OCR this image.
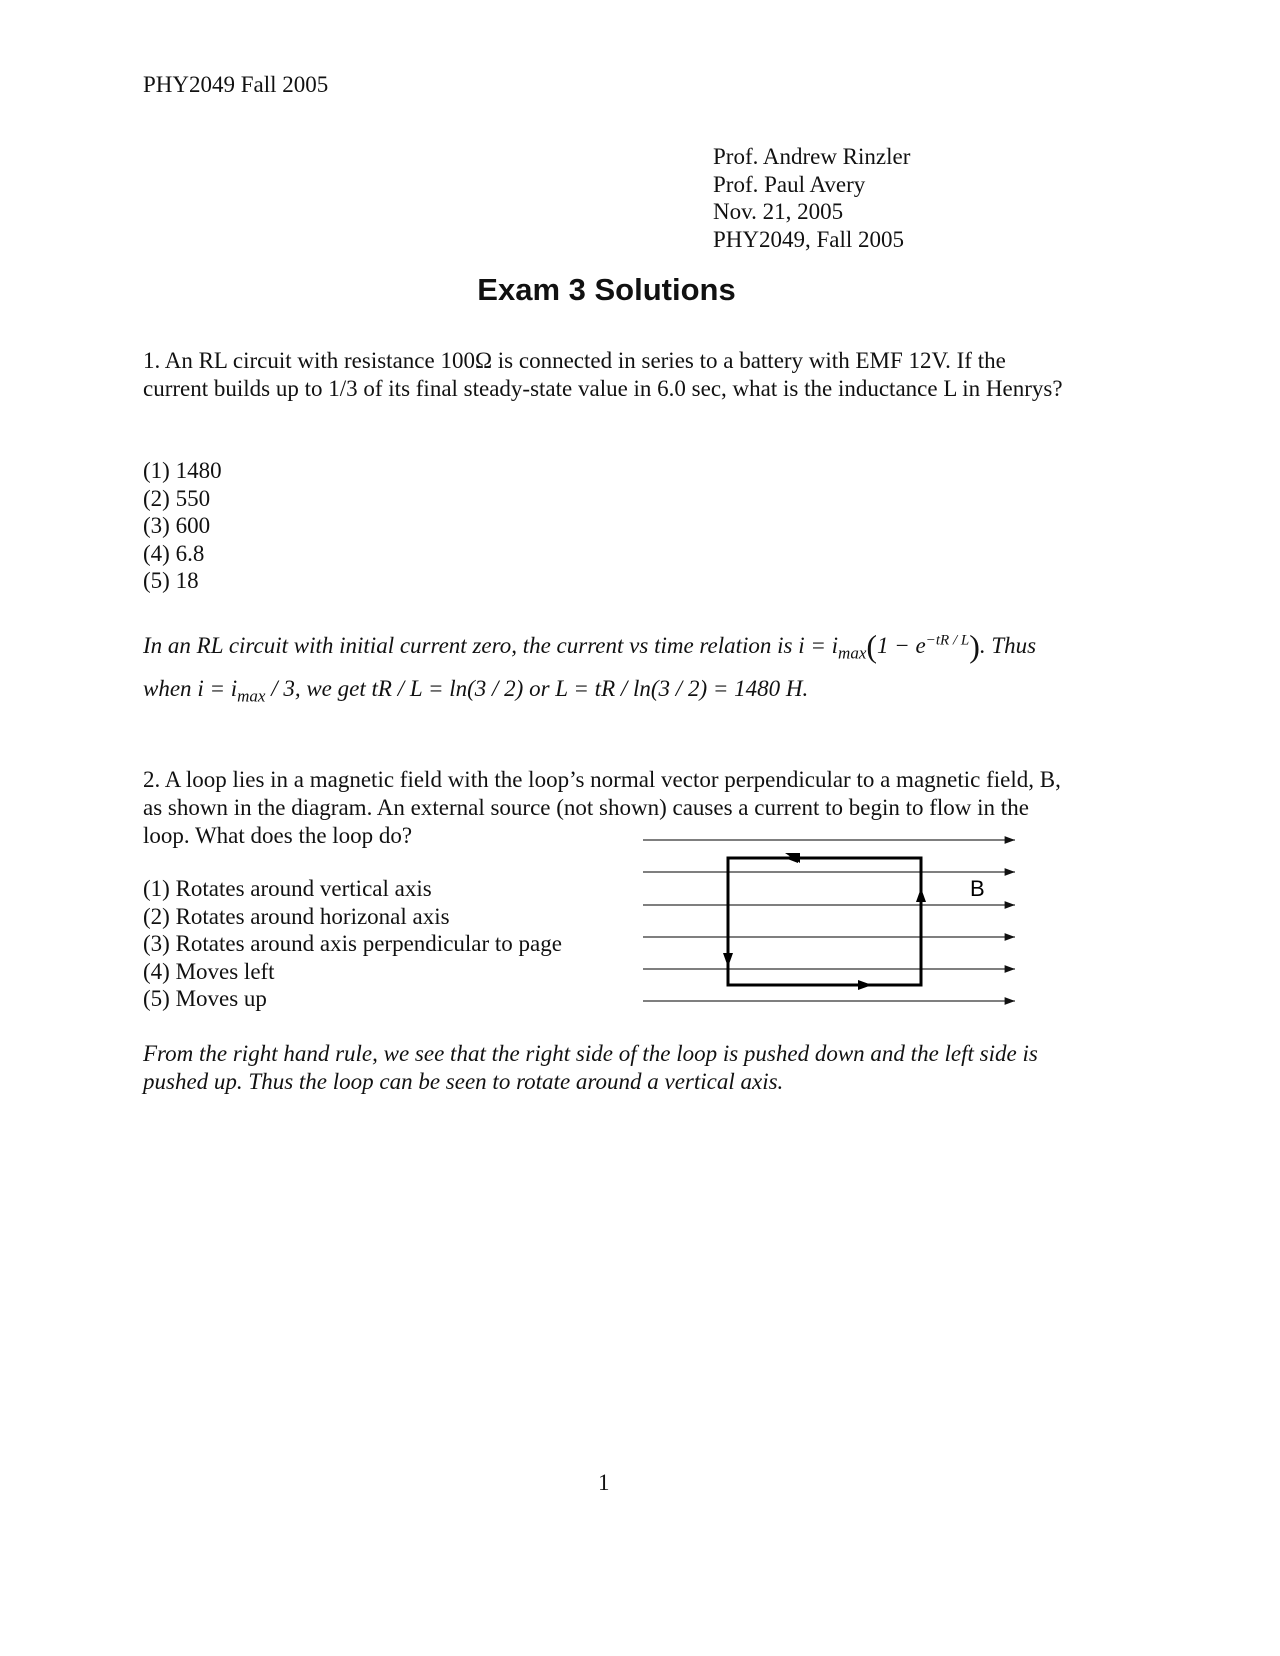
PHY2049 Fall 2005
Prof. Andrew Rinzler
Prof. Paul Avery
Nov. 21, 2005
PHY2049, Fall 2005
Exam 3 Solutions
1. An RL circuit with resistance 100Ω is connected in series to a battery with EMF 12V. If the current builds up to 1/3 of its final steady-state value in 6.0 sec, what is the inductance L in Henrys?
(1) 1480
(2) 550
(3) 600
(4) 6.8
(5) 18
In an RL circuit with initial current zero, the current vs time relation is $i = i_{max}(1 - e^{-tR / L})$. Thus
when $i = i_{max} / 3$, we get tR / L = ln(3 / 2) or L = tR / ln(3 / 2) = 1480 H.
2. A loop lies in a magnetic field with the loop’s normal vector perpendicular to a magnetic field, B, as shown in the diagram. An external source (not shown) causes a current to begin to flow in the loop. What does the loop do?
(1) Rotates around vertical axis
(2) Rotates around horizonal axis
(3) Rotates around axis perpendicular to page
(4) Moves left
(5) Moves up
B
From the right hand rule, we see that the right side of the loop is pushed down and the left side is pushed up. Thus the loop can be seen to rotate around a vertical axis.
1
